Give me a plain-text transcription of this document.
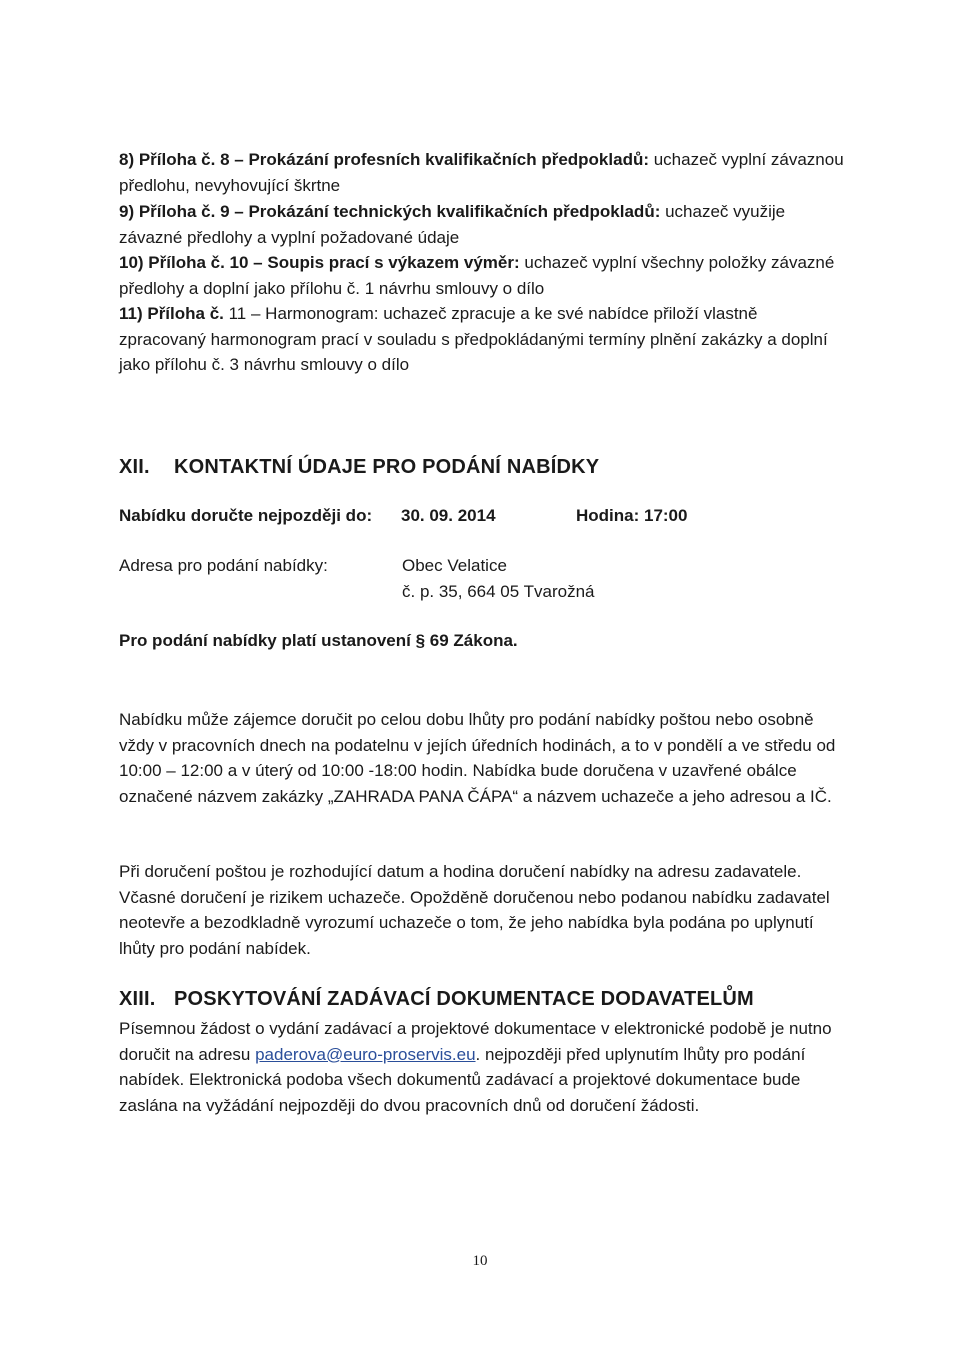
8) Příloha č. 8 – Prokázání profesních kvalifikačních předpokladů: uchazeč vyplní závaznou předlohu, nevyhovující škrtne
9) Příloha č. 9 – Prokázání technických kvalifikačních předpokladů: uchazeč využije závazné předlohy a vyplní požadované údaje
10) Příloha č. 10 – Soupis prací s výkazem výměr: uchazeč vyplní všechny položky závazné předlohy a doplní jako přílohu č. 1 návrhu smlouvy o dílo
11) Příloha č. 11 – Harmonogram: uchazeč zpracuje a ke své nabídce přiloží vlastně zpracovaný harmonogram prací v souladu s předpokládanými termíny plnění zakázky a doplní jako přílohu č. 3 návrhu smlouvy o dílo
XII. KONTAKTNÍ ÚDAJE PRO PODÁNÍ NABÍDKY
Nabídku doručte nejpozději do: 30. 09. 2014	Hodina: 17:00
Adresa pro podání nabídky:	Obec Velatice
č. p. 35, 664 05 Tvarožná
Pro podání nabídky platí ustanovení § 69 Zákona.

Nabídku může zájemce doručit po celou dobu lhůty pro podání nabídky poštou nebo osobně vždy v pracovních dnech na podatelnu v jejích úředních hodinách, a to v pondělí a ve středu od 10:00 – 12:00 a v úterý od 10:00 -18:00 hodin. Nabídka bude doručena v uzavřené obálce označené názvem zakázky „ZAHRADA PANA ČÁPA“ a názvem uchazeče a jeho adresou a IČ.

Při doručení poštou je rozhodující datum a hodina doručení nabídky na adresu zadavatele. Včasné doručení je rizikem uchazeče. Opožděně doručenou nebo podanou nabídku zadavatel neotevře a bezodkladně vyrozumí uchazeče o tom, že jeho nabídka byla podána po uplynutí lhůty pro podání nabídek.

XIII. POSKYTOVÁNÍ ZADÁVACÍ DOKUMENTACE DODAVATELŮM

Písemnou žádost o vydání zadávací a projektové dokumentace v elektronické podobě je nutno doručit na adresu paderova@euro-proservis.eu. nejpozději před uplynutím lhůty pro podání nabídek. Elektronická podoba všech dokumentů zadávací a projektové dokumentace bude zaslána na vyžádání nejpozději do dvou pracovních dnů od doručení žádosti.

10
